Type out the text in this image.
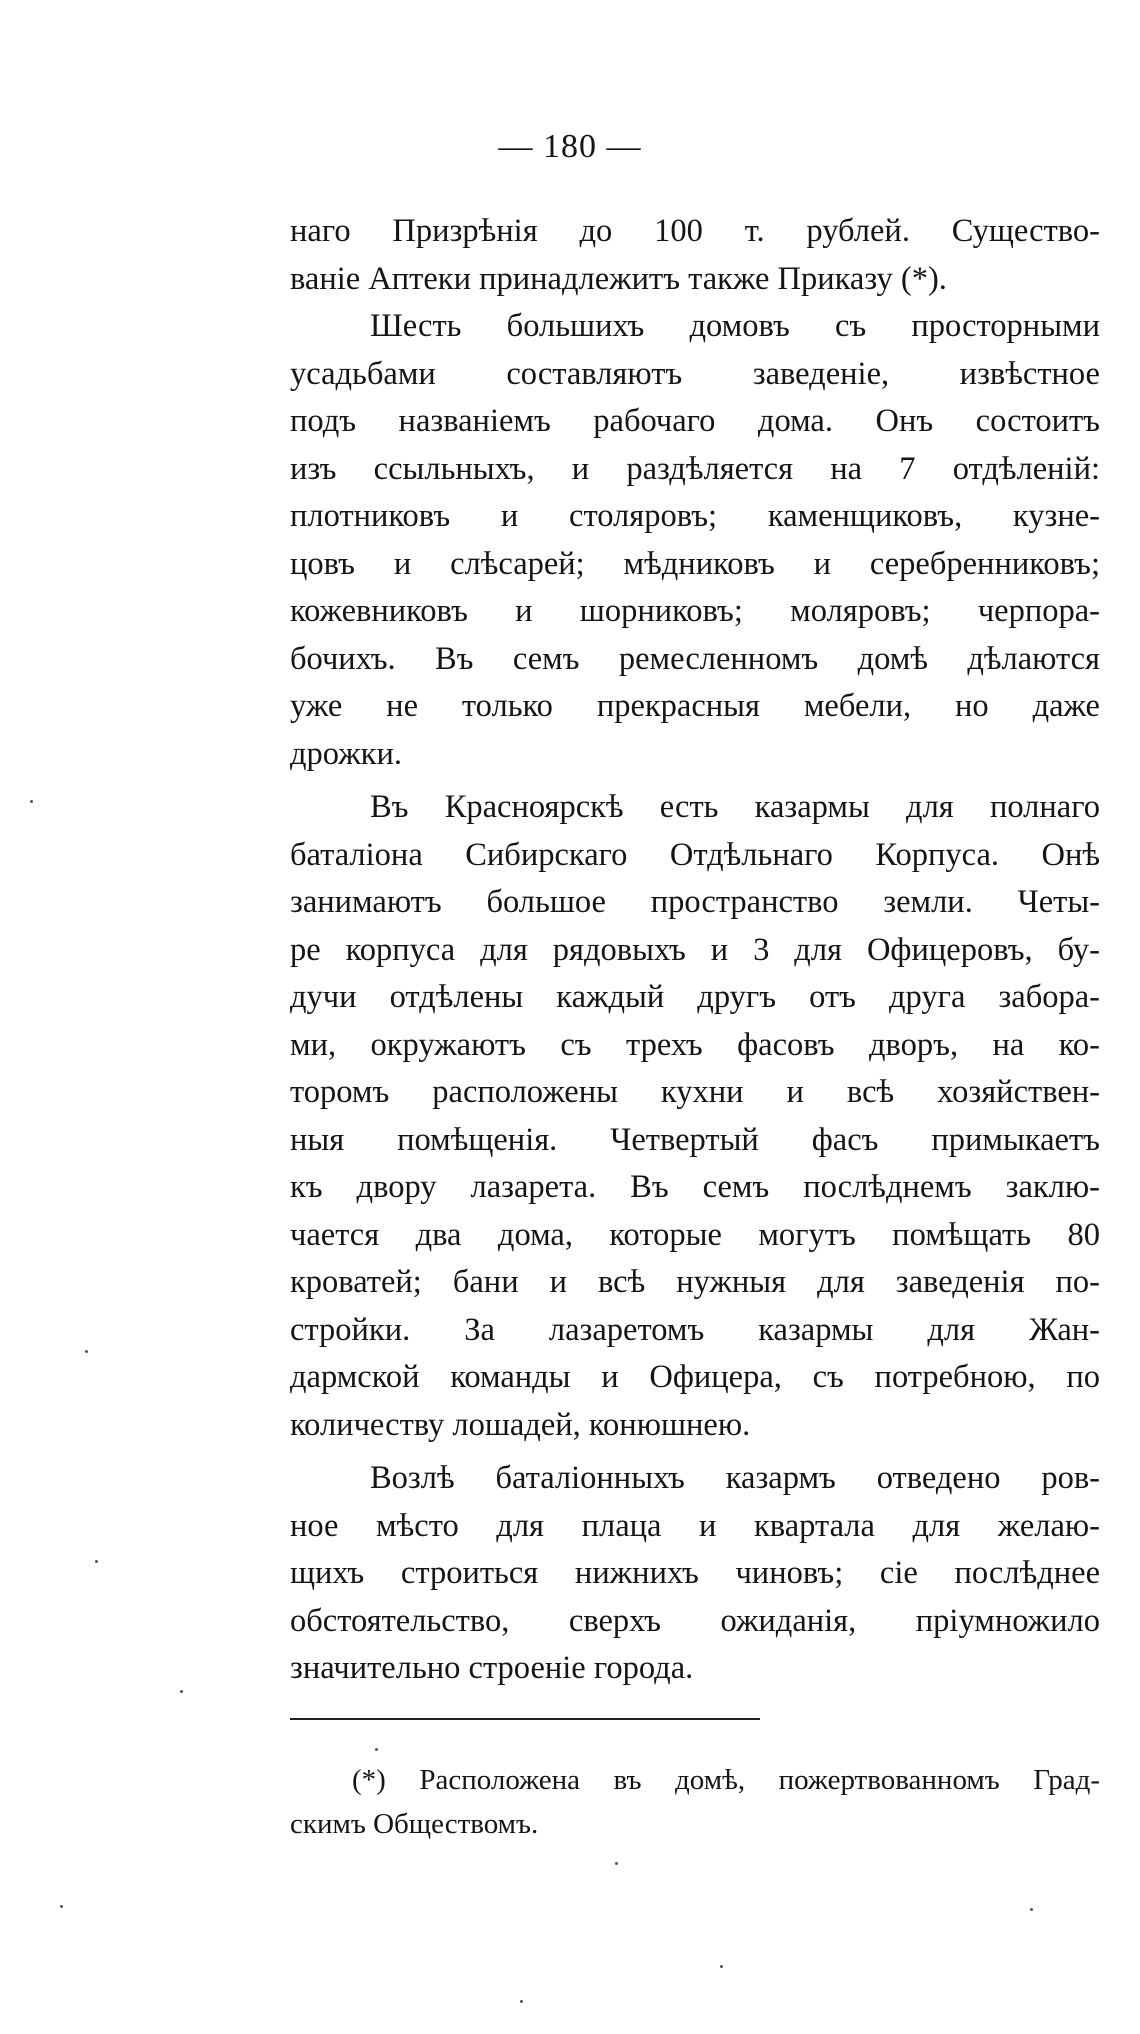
— 180 —
наго Призрѣнія до 100 т. рублей. Существо-
ваніе Аптеки принадлежитъ также Приказу (*).
Шесть большихъ домовъ съ просторными
усадьбами составляютъ заведеніе, извѣстное
подъ названіемъ рабочаго дома. Онъ состоитъ
изъ ссыльныхъ, и раздѣляется на 7 отдѣленій:
плотниковъ и столяровъ; каменщиковъ, кузне-
цовъ и слѣсарей; мѣдниковъ и серебренниковъ;
кожевниковъ и шорниковъ; моляровъ; черпора-
бочихъ. Въ семъ ремесленномъ домѣ дѣлаются
уже не только прекрасныя мебели, но даже
дрожки.
Въ Красноярскѣ есть казармы для полнаго
баталіона Сибирскаго Отдѣльнаго Корпуса. Онѣ
занимаютъ большое пространство земли. Четы-
ре корпуса для рядовыхъ и 3 для Офицеровъ, бу-
дучи отдѣлены каждый другъ отъ друга забора-
ми, окружаютъ съ трехъ фасовъ дворъ, на ко-
торомъ расположены кухни и всѣ хозяйствен-
ныя помѣщенія. Четвертый фасъ примыкаетъ
къ двору лазарета. Въ семъ послѣднемъ заклю-
чается два дома, которые могутъ помѣщать 80
кроватей; бани и всѣ нужныя для заведенія по-
стройки. За лазаретомъ казармы для Жан-
дармской команды и Офицера, съ потребною, по
количеству лошадей, конюшнею.
Возлѣ баталіонныхъ казармъ отведено ров-
ное мѣсто для плаца и квартала для желаю-
щихъ строиться нижнихъ чиновъ; сіе послѣднее
обстоятельство, сверхъ ожиданія, пріумножило
значительно строеніе города.
(*) Расположена въ домѣ, пожертвованномъ Град-
скимъ Обществомъ.
